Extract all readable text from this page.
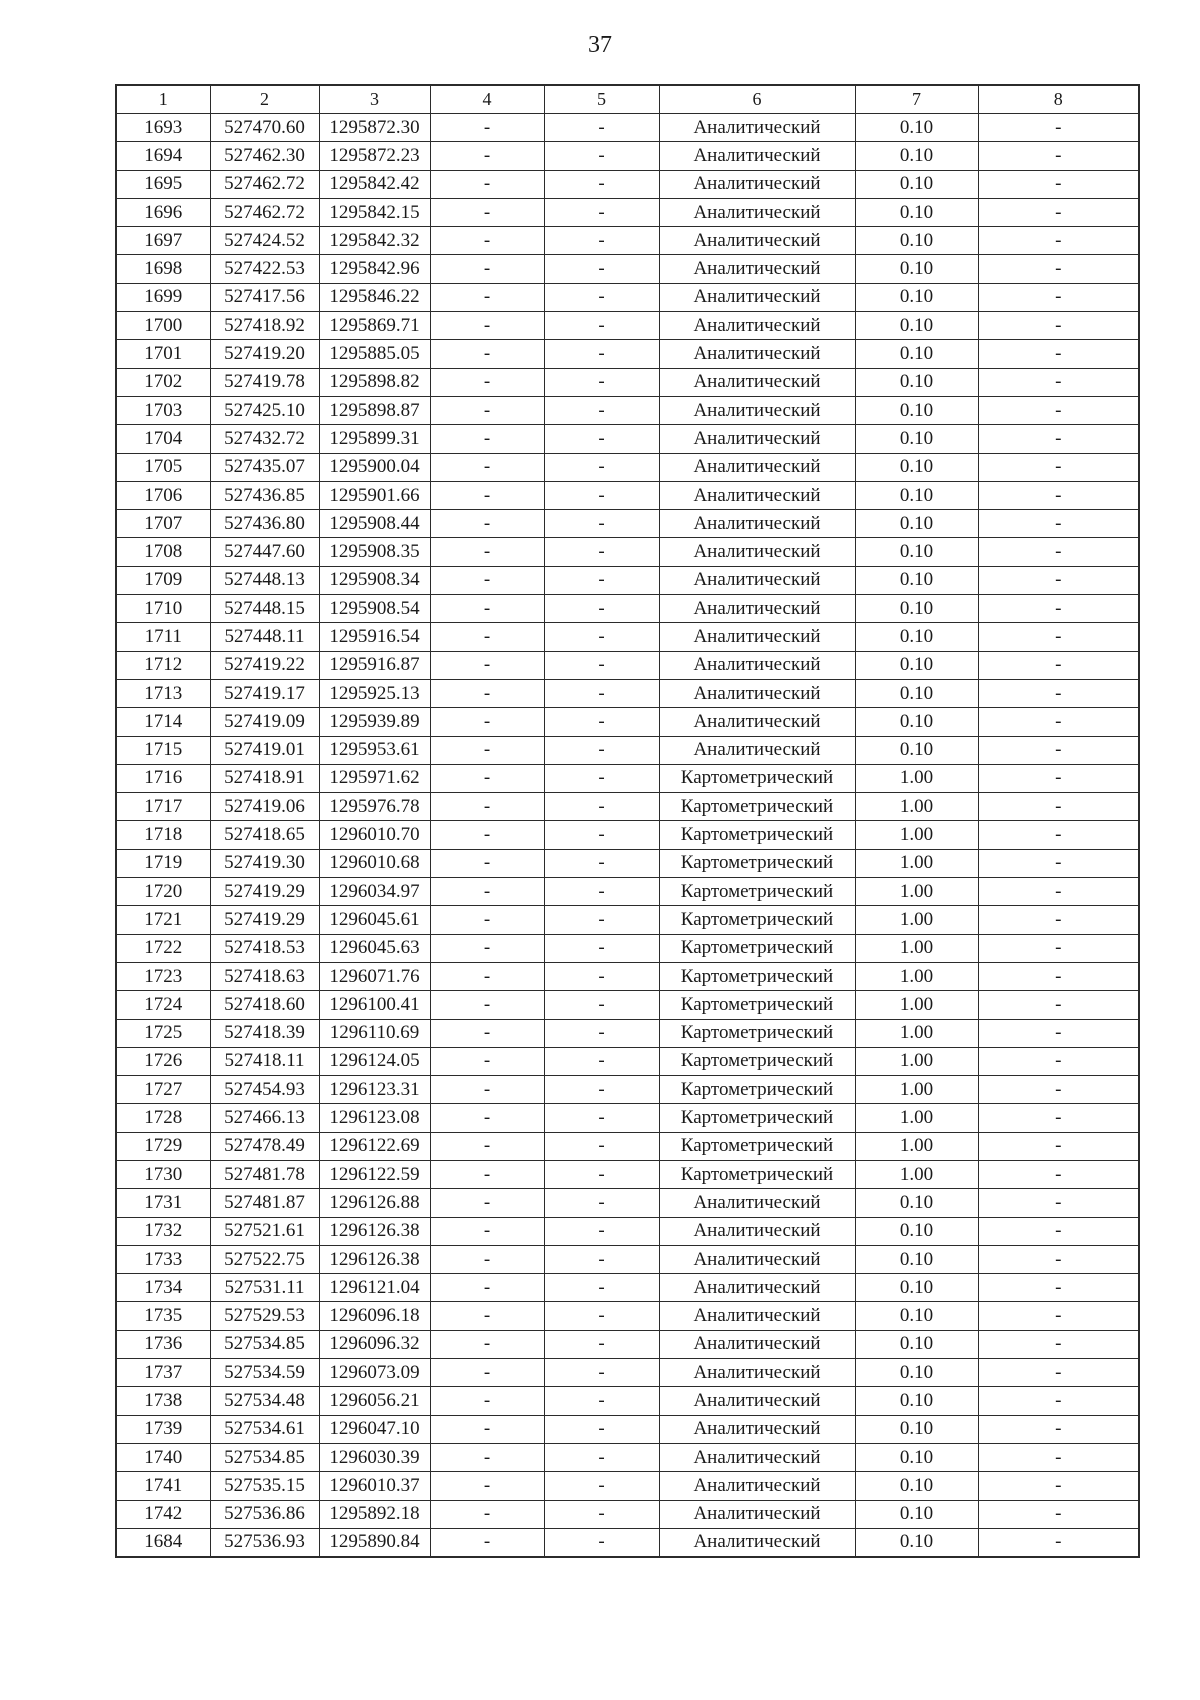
37
1	2	3	4	5	6	7	8
1693	527470.60	1295872.30	-	-	Аналитический	0.10	-
1694	527462.30	1295872.23	-	-	Аналитический	0.10	-
1695	527462.72	1295842.42	-	-	Аналитический	0.10	-
1696	527462.72	1295842.15	-	-	Аналитический	0.10	-
1697	527424.52	1295842.32	-	-	Аналитический	0.10	-
1698	527422.53	1295842.96	-	-	Аналитический	0.10	-
1699	527417.56	1295846.22	-	-	Аналитический	0.10	-
1700	527418.92	1295869.71	-	-	Аналитический	0.10	-
1701	527419.20	1295885.05	-	-	Аналитический	0.10	-
1702	527419.78	1295898.82	-	-	Аналитический	0.10	-
1703	527425.10	1295898.87	-	-	Аналитический	0.10	-
1704	527432.72	1295899.31	-	-	Аналитический	0.10	-
1705	527435.07	1295900.04	-	-	Аналитический	0.10	-
1706	527436.85	1295901.66	-	-	Аналитический	0.10	-
1707	527436.80	1295908.44	-	-	Аналитический	0.10	-
1708	527447.60	1295908.35	-	-	Аналитический	0.10	-
1709	527448.13	1295908.34	-	-	Аналитический	0.10	-
1710	527448.15	1295908.54	-	-	Аналитический	0.10	-
1711	527448.11	1295916.54	-	-	Аналитический	0.10	-
1712	527419.22	1295916.87	-	-	Аналитический	0.10	-
1713	527419.17	1295925.13	-	-	Аналитический	0.10	-
1714	527419.09	1295939.89	-	-	Аналитический	0.10	-
1715	527419.01	1295953.61	-	-	Аналитический	0.10	-
1716	527418.91	1295971.62	-	-	Картометрический	1.00	-
1717	527419.06	1295976.78	-	-	Картометрический	1.00	-
1718	527418.65	1296010.70	-	-	Картометрический	1.00	-
1719	527419.30	1296010.68	-	-	Картометрический	1.00	-
1720	527419.29	1296034.97	-	-	Картометрический	1.00	-
1721	527419.29	1296045.61	-	-	Картометрический	1.00	-
1722	527418.53	1296045.63	-	-	Картометрический	1.00	-
1723	527418.63	1296071.76	-	-	Картометрический	1.00	-
1724	527418.60	1296100.41	-	-	Картометрический	1.00	-
1725	527418.39	1296110.69	-	-	Картометрический	1.00	-
1726	527418.11	1296124.05	-	-	Картометрический	1.00	-
1727	527454.93	1296123.31	-	-	Картометрический	1.00	-
1728	527466.13	1296123.08	-	-	Картометрический	1.00	-
1729	527478.49	1296122.69	-	-	Картометрический	1.00	-
1730	527481.78	1296122.59	-	-	Картометрический	1.00	-
1731	527481.87	1296126.88	-	-	Аналитический	0.10	-
1732	527521.61	1296126.38	-	-	Аналитический	0.10	-
1733	527522.75	1296126.38	-	-	Аналитический	0.10	-
1734	527531.11	1296121.04	-	-	Аналитический	0.10	-
1735	527529.53	1296096.18	-	-	Аналитический	0.10	-
1736	527534.85	1296096.32	-	-	Аналитический	0.10	-
1737	527534.59	1296073.09	-	-	Аналитический	0.10	-
1738	527534.48	1296056.21	-	-	Аналитический	0.10	-
1739	527534.61	1296047.10	-	-	Аналитический	0.10	-
1740	527534.85	1296030.39	-	-	Аналитический	0.10	-
1741	527535.15	1296010.37	-	-	Аналитический	0.10	-
1742	527536.86	1295892.18	-	-	Аналитический	0.10	-
1684	527536.93	1295890.84	-	-	Аналитический	0.10	-
